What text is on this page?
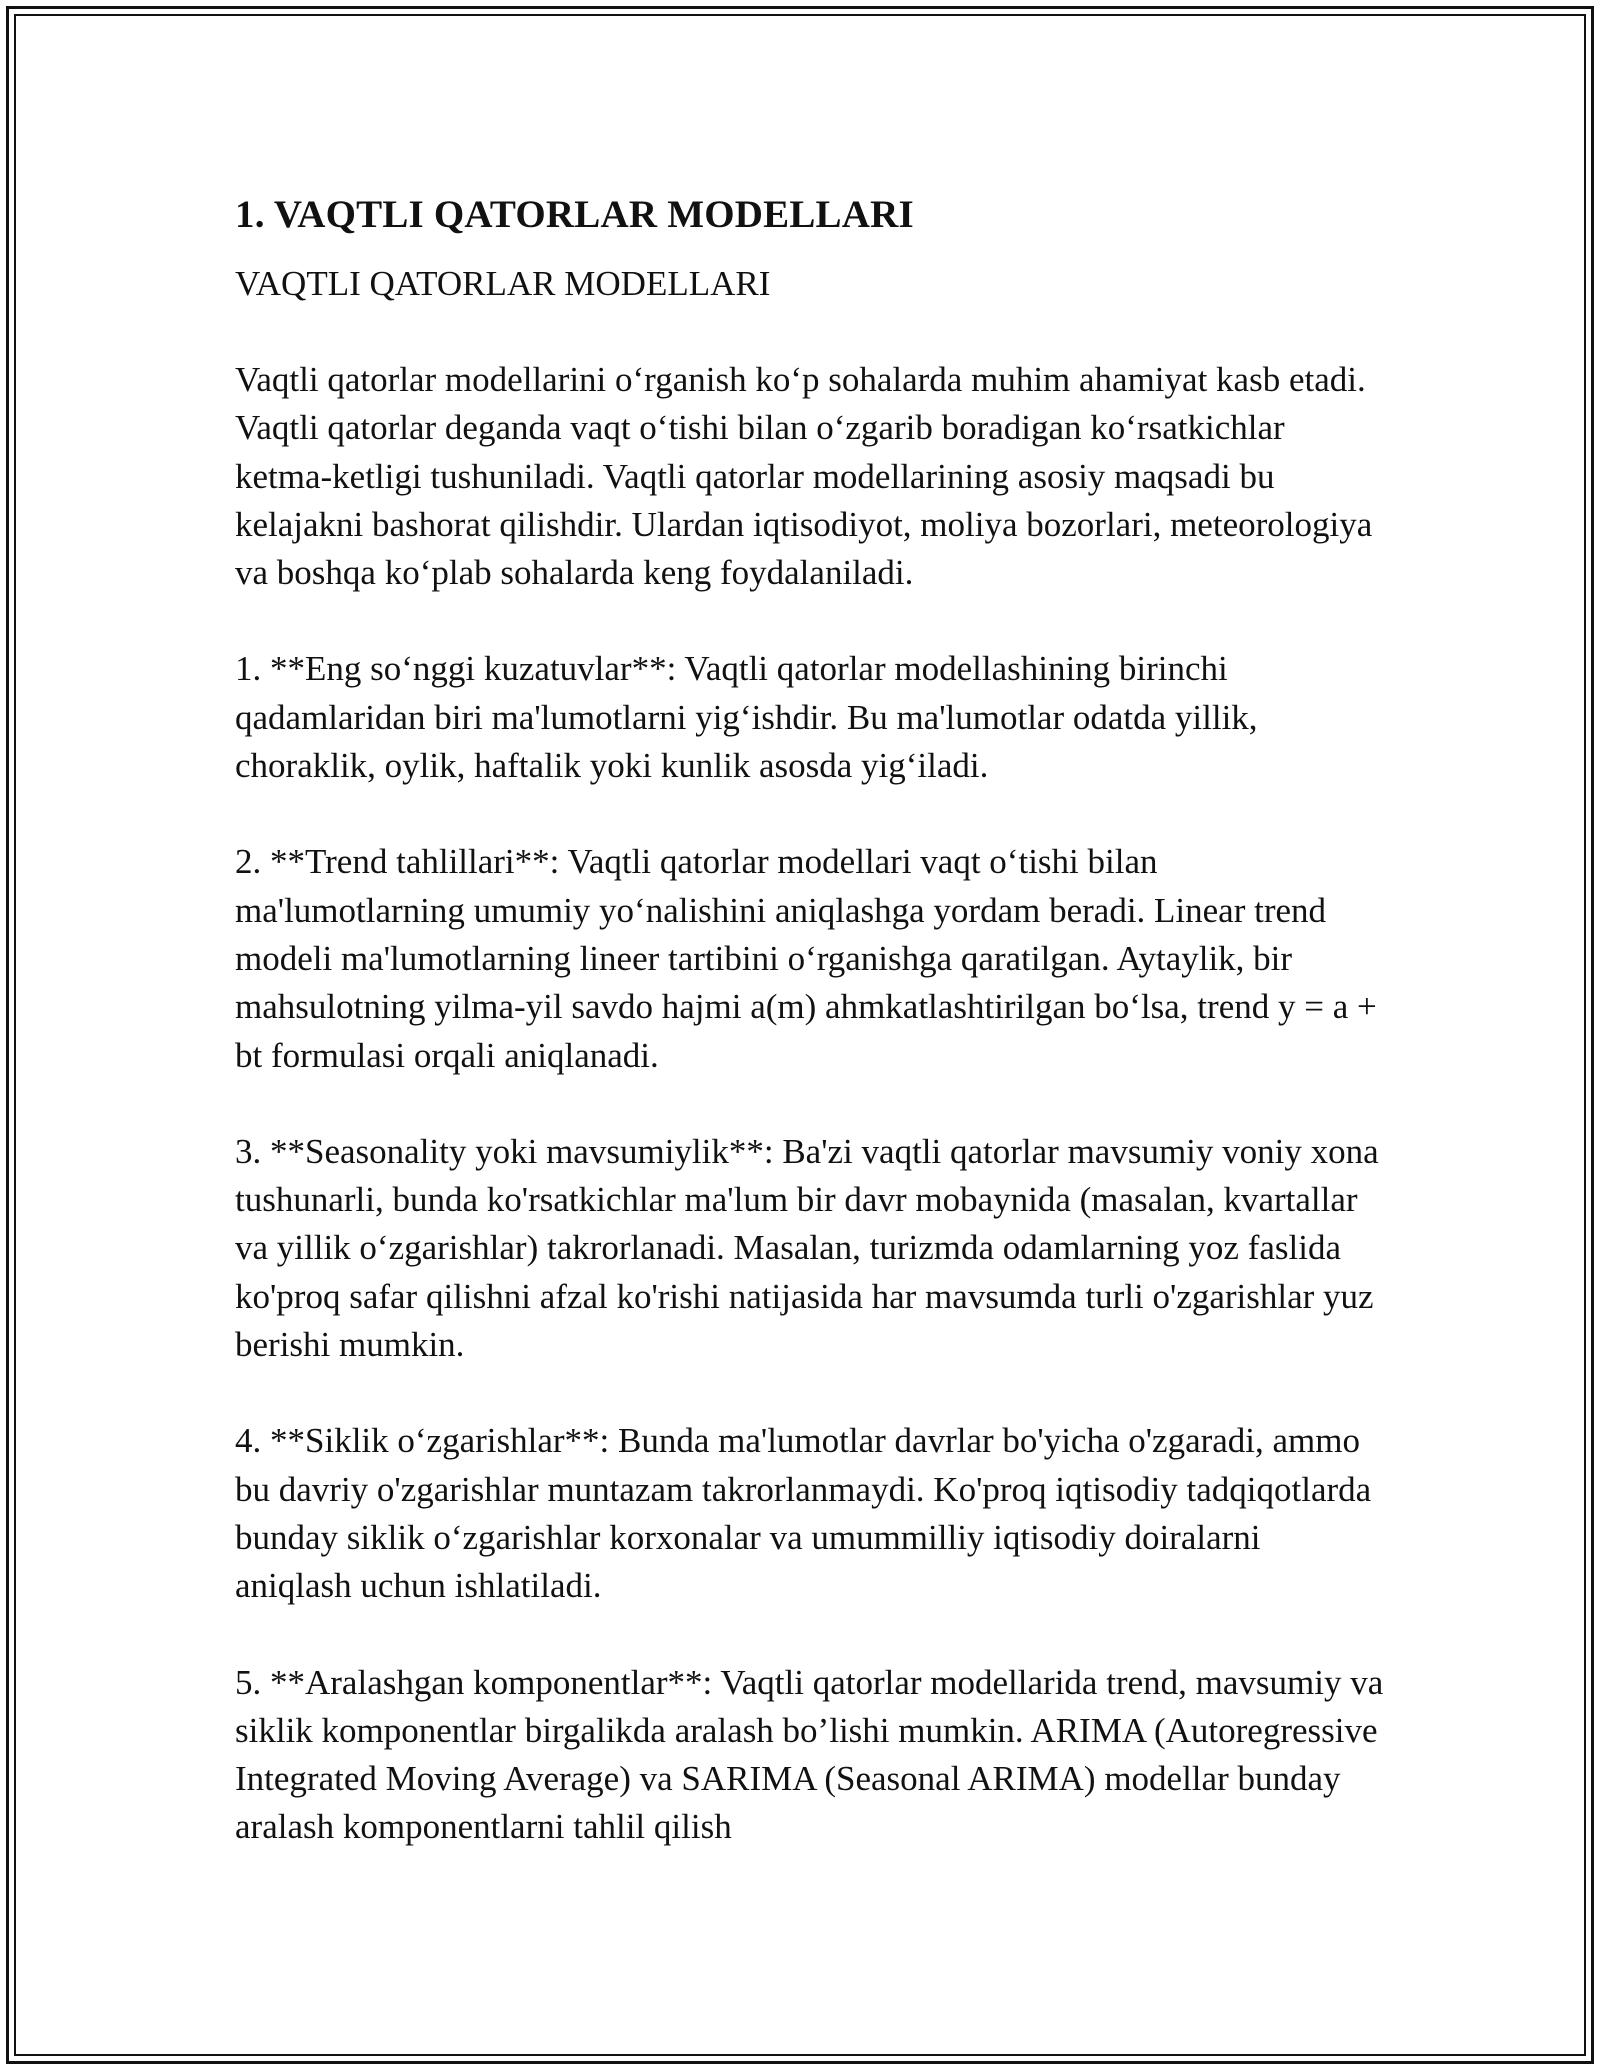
1. VAQTLI QATORLAR MODELLARI

VAQTLI QATORLAR MODELLARI

Vaqtli qatorlar modellarini o‘rganish ko‘p sohalarda muhim ahamiyat kasb etadi. Vaqtli qatorlar deganda vaqt o‘tishi bilan o‘zgarib boradigan ko‘rsatkichlar ketma-ketligi tushuniladi. Vaqtli qatorlar modellarining asosiy maqsadi bu kelajakni bashorat qilishdir. Ulardan iqtisodiyot, moliya bozorlari, meteorologiya va boshqa ko‘plab sohalarda keng foydalaniladi.

1. **Eng so‘nggi kuzatuvlar**: Vaqtli qatorlar modellashining birinchi qadamlaridan biri ma'lumotlarni yig‘ishdir. Bu ma'lumotlar odatda yillik, choraklik, oylik, haftalik yoki kunlik asosda yig‘iladi.

2. **Trend tahlillari**: Vaqtli qatorlar modellari vaqt o‘tishi bilan ma'lumotlarning umumiy yo‘nalishini aniqlashga yordam beradi. Linear trend modeli ma'lumotlarning lineer tartibini o‘rganishga qaratilgan. Aytaylik, bir mahsulotning yilma-yil savdo hajmi a(m) ahmkatlashtirilgan bo‘lsa, trend y = a + bt formulasi orqali aniqlanadi.

3. **Seasonality yoki mavsumiylik**: Ba'zi vaqtli qatorlar mavsumiy voniy xona tushunarli, bunda ko'rsatkichlar ma'lum bir davr mobaynida (masalan, kvartallar va yillik o‘zgarishlar) takrorlanadi. Masalan, turizmda odamlarning yoz faslida ko'proq safar qilishni afzal ko'rishi natijasida har mavsumda turli o'zgarishlar yuz berishi mumkin.

4. **Siklik o‘zgarishlar**: Bunda ma'lumotlar davrlar bo'yicha o'zgaradi, ammo bu davriy o'zgarishlar muntazam takrorlanmaydi. Ko'proq iqtisodiy tadqiqotlarda bunday siklik o‘zgarishlar korxonalar va umummilliy iqtisodiy doiralarni aniqlash uchun ishlatiladi.

5. **Aralashgan komponentlar**: Vaqtli qatorlar modellarida trend, mavsumiy va siklik komponentlar birgalikda aralash bo’lishi mumkin. ARIMA (Autoregressive Integrated Moving Average) va SARIMA (Seasonal ARIMA) modellar bunday aralash komponentlarni tahlil qilish
